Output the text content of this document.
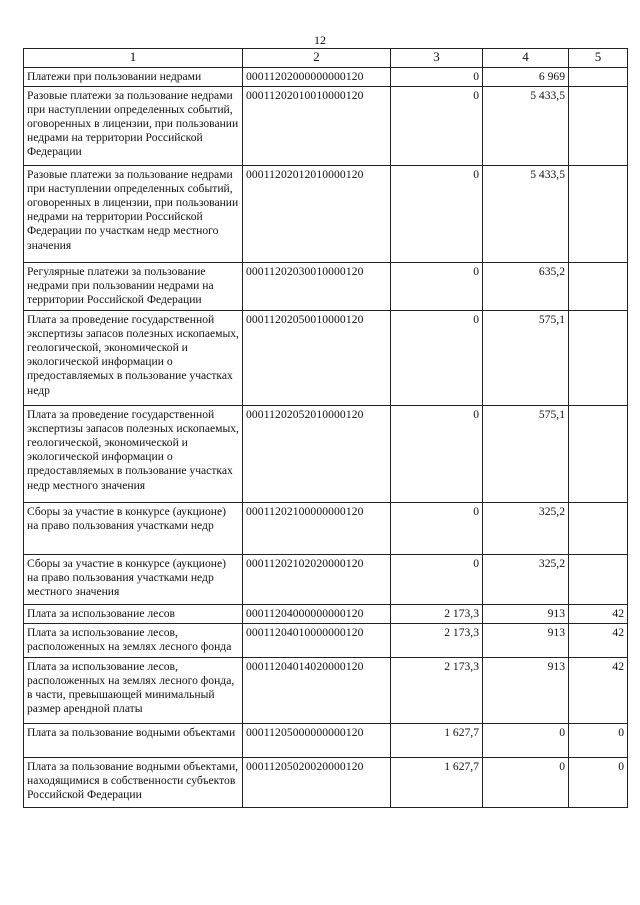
12
1	2	3	4	5
Платежи при пользовании недрами	00011202000000000120	0	6 969	
Разовые платежи за пользование недрами при наступлении определенных событий, оговоренных в лицензии, при пользовании недрами на территории Российской Федерации	00011202010010000120	0	5 433,5	
Разовые платежи за пользование недрами при наступлении определенных событий, оговоренных в лицензии, при пользовании недрами на территории Российской Федерации по участкам недр местного значения	00011202012010000120	0	5 433,5	
Регулярные платежи за пользование недрами при пользовании недрами на территории Российской Федерации	00011202030010000120	0	635,2	
Плата за проведение государственной экспертизы запасов полезных ископаемых, геологической, экономической и экологической информации о предоставляемых в пользование участках недр	00011202050010000120	0	575,1	
Плата за проведение государственной экспертизы запасов полезных ископаемых, геологической, экономической и экологической информации о предоставляемых в пользование участках недр местного значения	00011202052010000120	0	575,1	
Сборы за участие в конкурсе (аукционе) на право пользования участками недр	00011202100000000120	0	325,2	
Сборы за участие в конкурсе (аукционе) на право пользования участками недр местного значения	00011202102020000120	0	325,2	
Плата за использование лесов	00011204000000000120	2 173,3	913	42
Плата за использование лесов, расположенных на землях лесного фонда	00011204010000000120	2 173,3	913	42
Плата за использование лесов, расположенных на землях лесного фонда, в части, превышающей минимальный размер арендной платы	00011204014020000120	2 173,3	913	42
Плата за пользование водными объектами	00011205000000000120	1 627,7	0	0
Плата за пользование водными объектами, находящимися в собственности субъектов Российской Федерации	00011205020020000120	1 627,7	0	0
